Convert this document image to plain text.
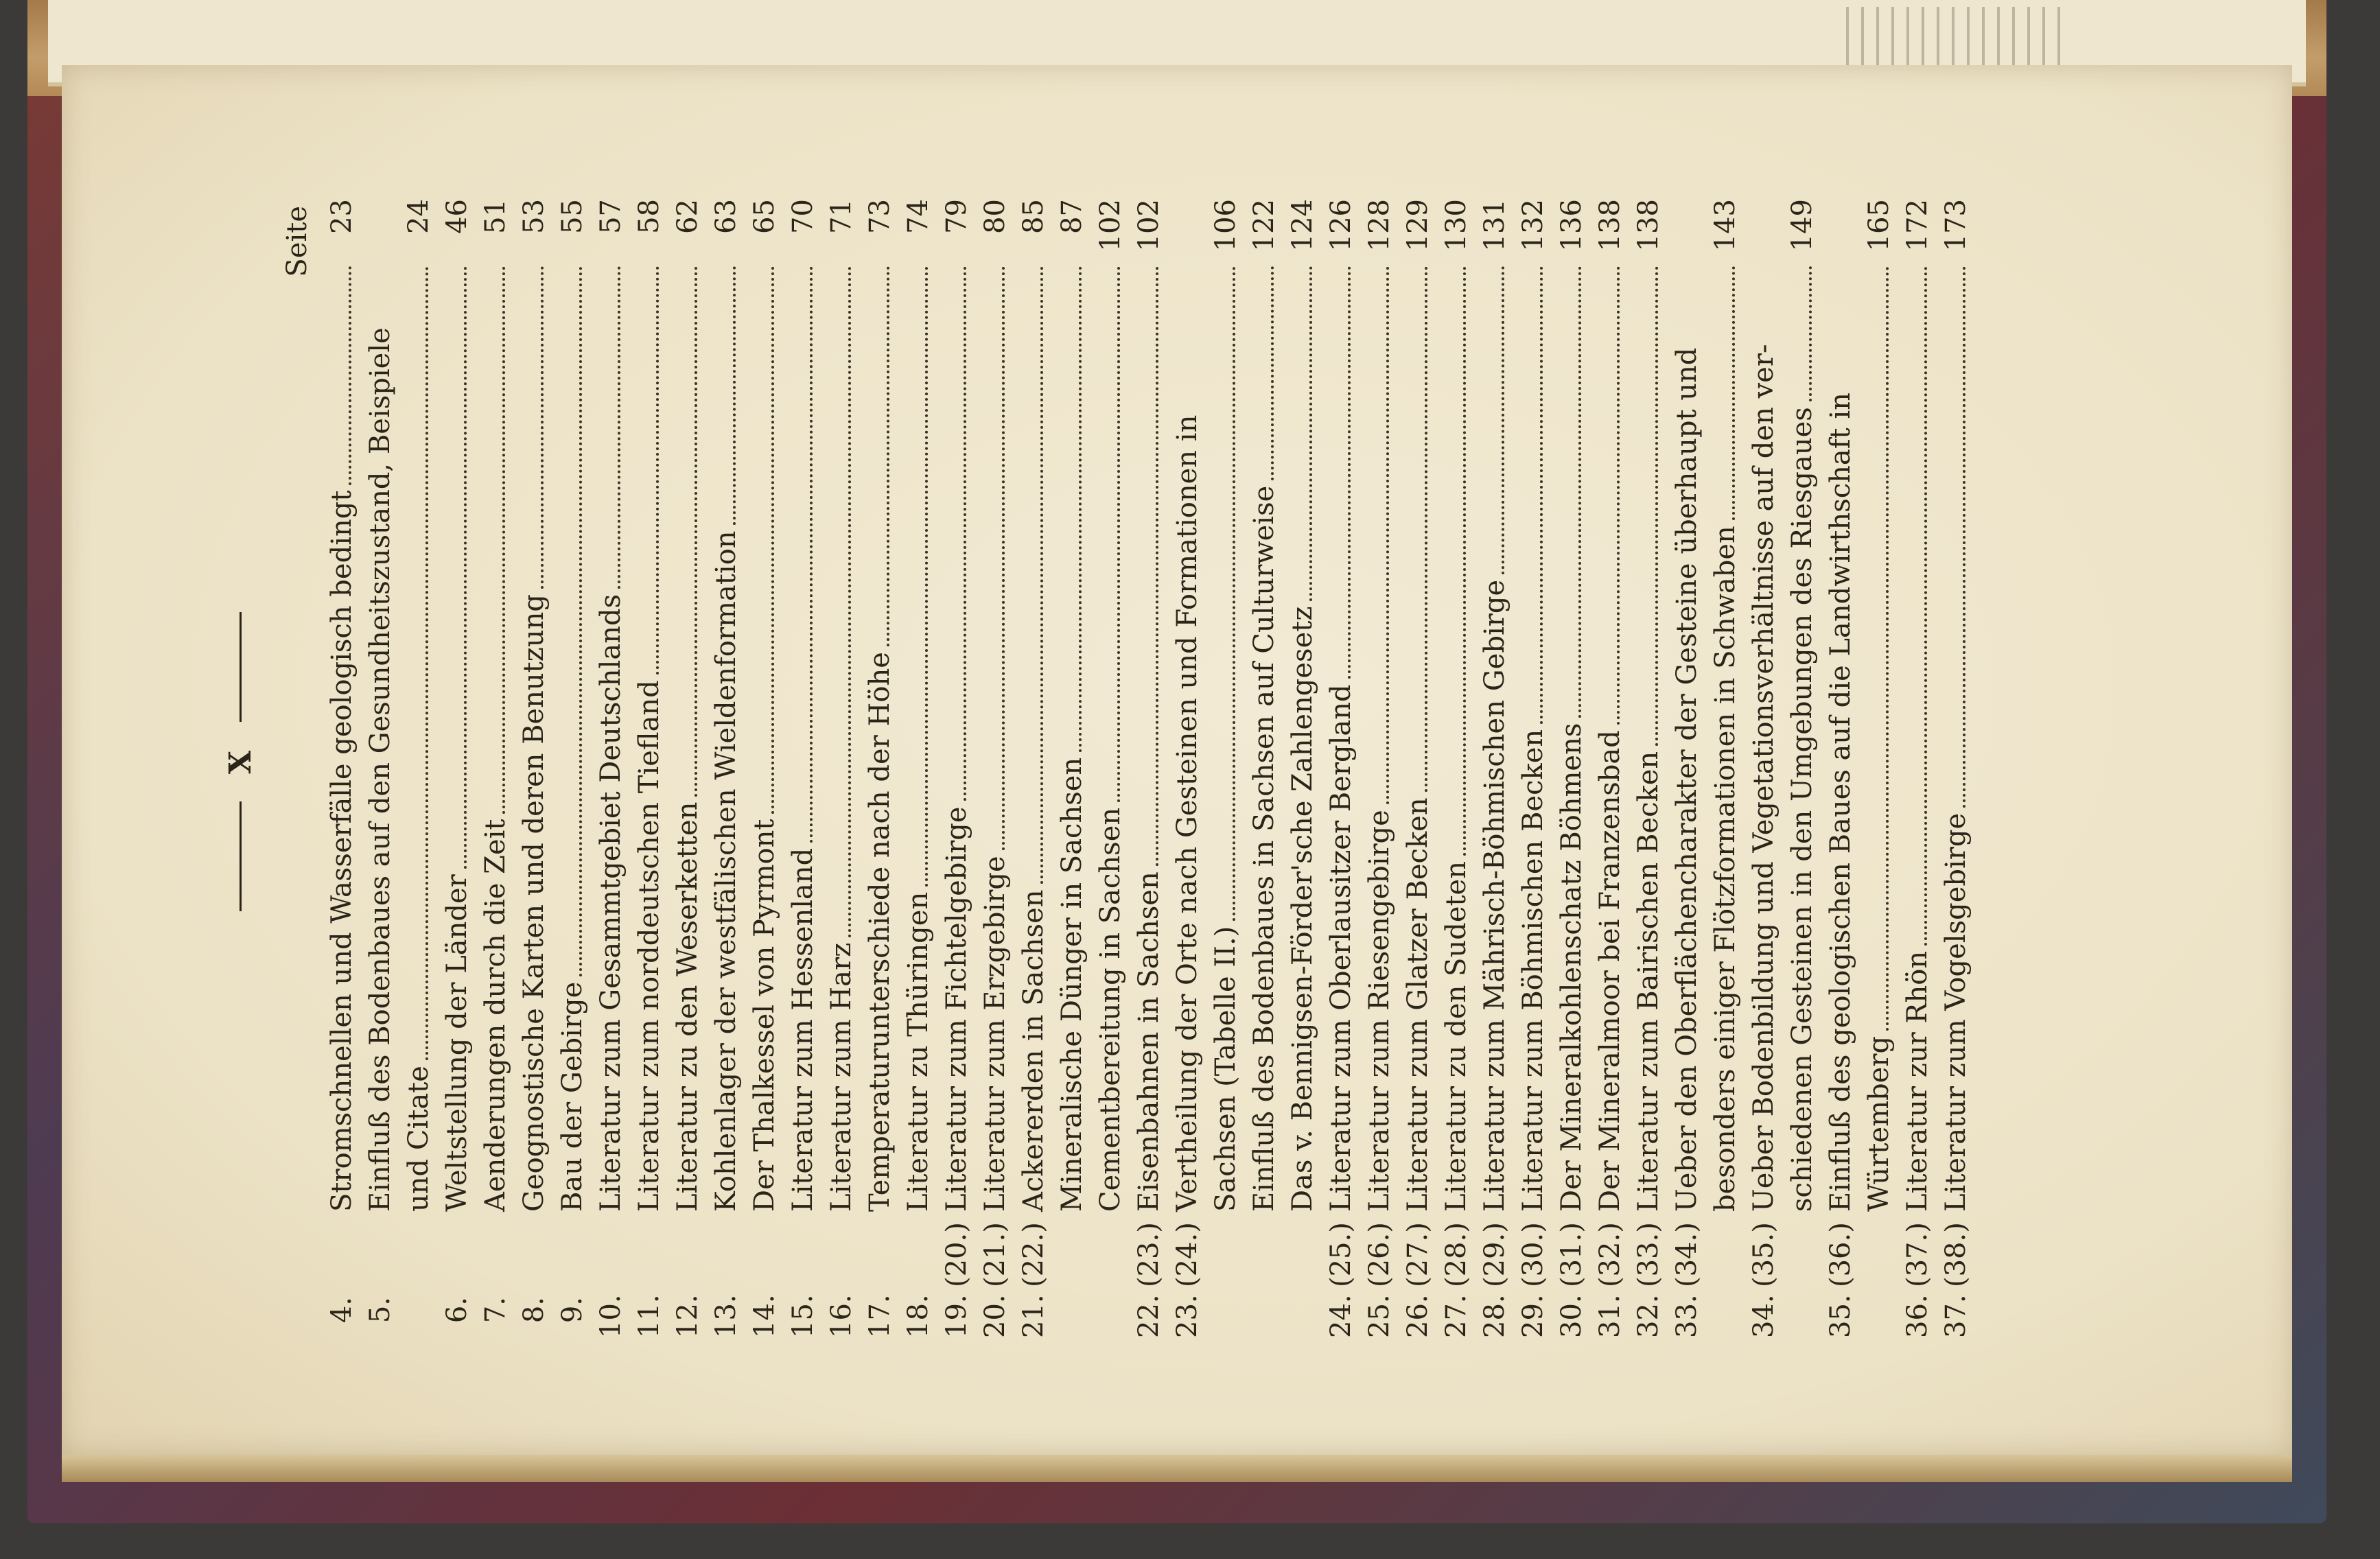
X
Seite
4.
Stromschnellen und Wasserfälle geologisch bedingt
23
5.
Einfluß des Bodenbaues auf den Gesundheitszustand, Beispiele und Citate
24
6.
Weltstellung der Länder
46
7.
Aenderungen durch die Zeit
51
8.
Geognostische Karten und deren Benutzung
53
9.
Bau der Gebirge
55
10.
Literatur zum Gesammtgebiet Deutschlands
57
11.
Literatur zum norddeutschen Tiefland
58
12.
Literatur zu den Weserketten
62
13.
Kohlenlager der westfälischen Wieldenformation
63
14.
Der Thalkessel von Pyrmont
65
15.
Literatur zum Hessenland
70
16.
Literatur zum Harz
71
17.
Temperaturunterschiede nach der Höhe
73
18.
Literatur zu Thüringen
74
19.
(20.)
Literatur zum Fichtelgebirge
79
20.
(21.)
Literatur zum Erzgebirge
80
21.
(22.)
Ackererden in Sachsen
85
Mineralische Dünger in Sachsen
87
Cementbereitung in Sachsen
102
22.
(23.)
Eisenbahnen in Sachsen
102
23.
(24.)
Vertheilung der Orte nach Gesteinen und Formationen in Sachsen (Tabelle II.)
106
Einfluß des Bodenbaues in Sachsen auf Culturweise
122
Das v. Bennigsen-Förder'sche Zahlengesetz
124
24.
(25.)
Literatur zum Oberlausitzer Bergland
126
25.
(26.)
Literatur zum Riesengebirge
128
26.
(27.)
Literatur zum Glatzer Becken
129
27.
(28.)
Literatur zu den Sudeten
130
28.
(29.)
Literatur zum Mährisch-Böhmischen Gebirge
131
29.
(30.)
Literatur zum Böhmischen Becken
132
30.
(31.)
Der Mineralkohlenschatz Böhmens
136
31.
(32.)
Der Mineralmoor bei Franzensbad
138
32.
(33.)
Literatur zum Bairischen Becken
138
33.
(34.)
Ueber den Oberflächencharakter der Gesteine überhaupt und besonders einiger Flötzformationen in Schwaben
143
34.
(35.)
Ueber Bodenbildung und Vegetationsverhältnisse auf den ver- schiedenen Gesteinen in den Umgebungen des Riesgaues
149
35.
(36.)
Einfluß des geologischen Baues auf die Landwirthschaft in Würtemberg
165
36.
(37.)
Literatur zur Rhön
172
37.
(38.)
Literatur zum Vogelsgebirge
173
